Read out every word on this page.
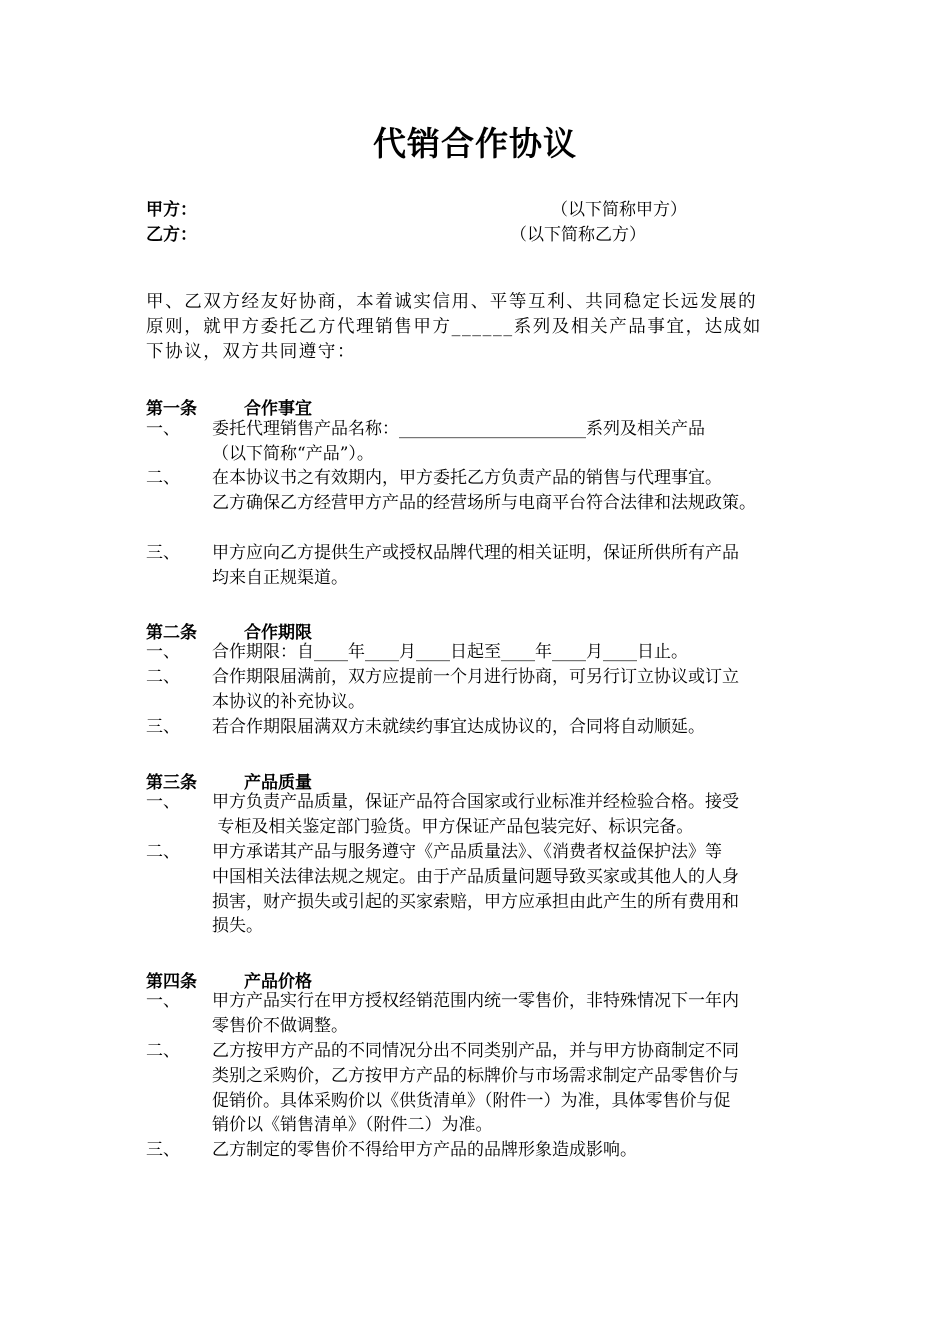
代销合作协议
甲方：	（以下简称甲方）
乙方：	（以下简称乙方）
甲、乙双方经友好协商，本着诚实信用、平等互利、共同稳定长远发展的
原则，就甲方委托乙方代理销售甲方______系列及相关产品事宜，达成如
下协议，双方共同遵守：
第一条	合作事宜
一、 委托代理销售产品名称：______________________系列及相关产品
（以下简称“产品”）。
二、 在本协议书之有效期内，甲方委托乙方负责产品的销售与代理事宜。
乙方确保乙方经营甲方产品的经营场所与电商平台符合法律和法规政策。
三、 甲方应向乙方提供生产或授权品牌代理的相关证明，保证所供所有产品
均来自正规渠道。
第二条	合作期限
一、 合作期限：自____年____月____日起至____年____月____日止。
二、 合作期限届满前，双方应提前一个月进行协商，可另行订立协议或订立
本协议的补充协议。
三、 若合作期限届满双方未就续约事宜达成协议的，合同将自动顺延。
第三条	产品质量
一、 甲方负责产品质量，保证产品符合国家或行业标准并经检验合格。接受
专柜及相关鉴定部门验货。甲方保证产品包装完好、标识完备。
二、 甲方承诺其产品与服务遵守《产品质量法》、《消费者权益保护法》等
中国相关法律法规之规定。由于产品质量问题导致买家或其他人的人身
损害，财产损失或引起的买家索赔，甲方应承担由此产生的所有费用和
损失。
第四条	产品价格
一、 甲方产品实行在甲方授权经销范围内统一零售价，非特殊情况下一年内
零售价不做调整。
二、 乙方按甲方产品的不同情况分出不同类别产品，并与甲方协商制定不同
类别之采购价，乙方按甲方产品的标牌价与市场需求制定产品零售价与
促销价。具体采购价以《供货清单》（附件一）为准，具体零售价与促
销价以《销售清单》（附件二）为准。
三、 乙方制定的零售价不得给甲方产品的品牌形象造成影响。
